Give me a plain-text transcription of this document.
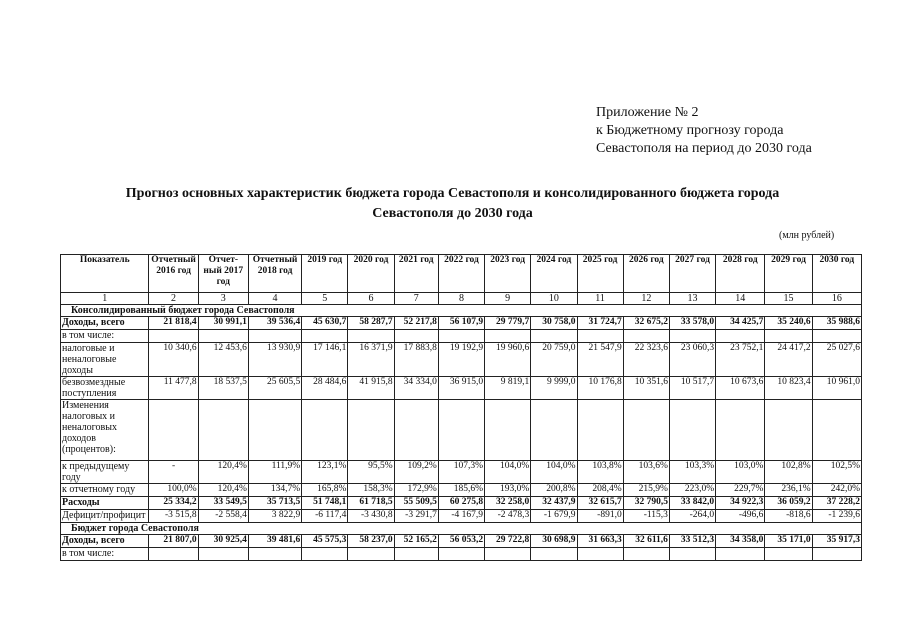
Приложение № 2
к Бюджетному прогнозу города
Севастополя на период до 2030 года
Прогноз основных характеристик бюджета города Севастополя и консолидированного бюджета города
Севастополя до 2030 года
(млн рублей)
Показатель	Отчетный 2016 год	Отчет-ный 2017 год	Отчетный 2018 год	2019 год	2020 год	2021 год	2022 год	2023 год	2024 год	2025 год	2026 год	2027 год	2028 год	2029 год	2030 год
1	2	3	4	5	6	7	8	9	10	11	12	13	14	15	16
Консолидированный бюджет города Севастополя															
Доходы, всего	21 818,4	30 991,1	39 536,4	45 630,7	58 287,7	52 217,8	56 107,9	29 779,7	30 758,0	31 724,7	32 675,2	33 578,0	34 425,7	35 240,6	35 988,6
в том числе:															
налоговые и неналоговые доходы	10 340,6	12 453,6	13 930,9	17 146,1	16 371,9	17 883,8	19 192,9	19 960,6	20 759,0	21 547,9	22 323,6	23 060,3	23 752,1	24 417,2	25 027,6
безвозмездные поступления	11 477,8	18 537,5	25 605,5	28 484,6	41 915,8	34 334,0	36 915,0	9 819,1	9 999,0	10 176,8	10 351,6	10 517,7	10 673,6	10 823,4	10 961,0
Изменения налоговых и неналоговых доходов (процентов):															
к предыдущему году	-	120,4%	111,9%	123,1%	95,5%	109,2%	107,3%	104,0%	104,0%	103,8%	103,6%	103,3%	103,0%	102,8%	102,5%
к отчетному году	100,0%	120,4%	134,7%	165,8%	158,3%	172,9%	185,6%	193,0%	200,8%	208,4%	215,9%	223,0%	229,7%	236,1%	242,0%
Расходы	25 334,2	33 549,5	35 713,5	51 748,1	61 718,5	55 509,5	60 275,8	32 258,0	32 437,9	32 615,7	32 790,5	33 842,0	34 922,3	36 059,2	37 228,2
Дефицит/профицит	-3 515,8	-2 558,4	3 822,9	-6 117,4	-3 430,8	-3 291,7	-4 167,9	-2 478,3	-1 679,9	-891,0	-115,3	-264,0	-496,6	-818,6	-1 239,6
Бюджет города Севастополя															
Доходы, всего	21 807,0	30 925,4	39 481,6	45 575,3	58 237,0	52 165,2	56 053,2	29 722,8	30 698,9	31 663,3	32 611,6	33 512,3	34 358,0	35 171,0	35 917,3
в том числе:															
